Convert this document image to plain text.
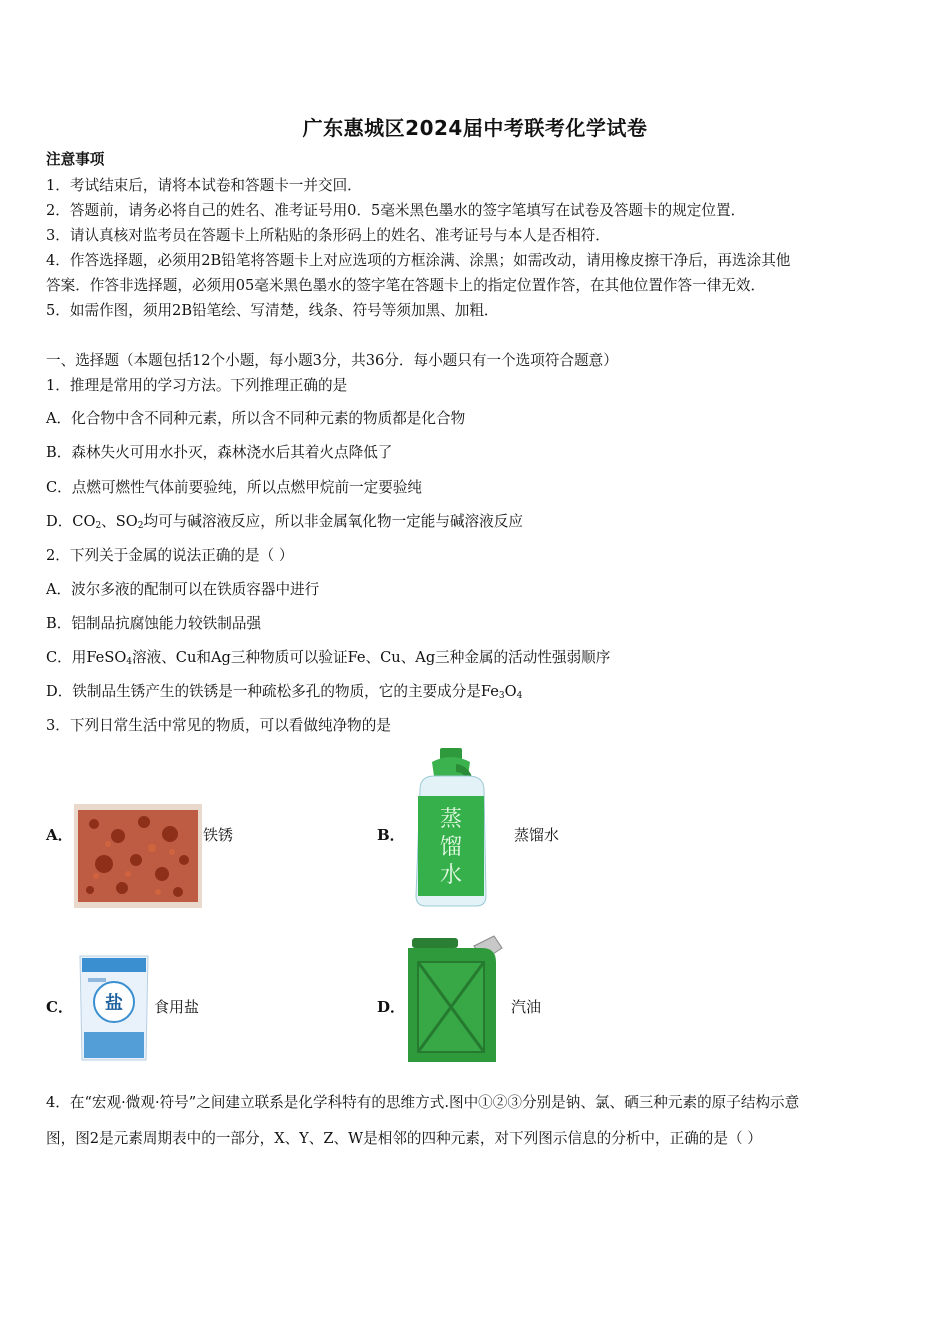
广东惠城区2024届中考联考化学试卷
注意事项
1．考试结束后，请将本试卷和答题卡一并交回．
2．答题前，请务必将自己的姓名、准考证号用0．5毫米黑色墨水的签字笔填写在试卷及答题卡的规定位置．
3．请认真核对监考员在答题卡上所粘贴的条形码上的姓名、准考证号与本人是否相符．
4．作答选择题，必须用2B铅笔将答题卡上对应选项的方框涂满、涂黑；如需改动，请用橡皮擦干净后，再选涂其他
答案．作答非选择题，必须用05毫米黑色墨水的签字笔在答题卡上的指定位置作答，在其他位置作答一律无效．
5．如需作图，须用2B铅笔绘、写清楚，线条、符号等须加黑、加粗．
一、选择题（本题包括12个小题，每小题3分，共36分．每小题只有一个选项符合题意）
1．推理是常用的学习方法。下列推理正确的是
A．化合物中含不同种元素，所以含不同种元素的物质都是化合物
B．森林失火可用水扑灭，森林浇水后其着火点降低了
C．点燃可燃性气体前要验纯，所以点燃甲烷前一定要验纯
D．$CO_2$、$SO_2$均可与碱溶液反应，所以非金属氧化物一定能与碱溶液反应
2．下列关于金属的说法正确的是（ ）
A．波尔多液的配制可以在铁质容器中进行
B．铝制品抗腐蚀能力较铁制品强
C．用FeSO$_4$溶液、Cu和Ag三种物质可以验证Fe、Cu、Ag三种金属的活动性强弱顺序
D．铁制品生锈产生的铁锈是一种疏松多孔的物质，它的主要成分是$Fe_3O_4$
3．下列日常生活中常见的物质，可以看做纯净物的是
A．	铁锈	B．
蒸
馏
水
蒸馏水
C． 盐 食用盐	D．	汽油
4．在“宏观·微观·符号”之间建立联系是化学科特有的思维方式.图中①②③分别是钠、氯、硒三种元素的原子结构示意
图，图2是元素周期表中的一部分，X、Y、Z、W是相邻的四种元素，对下列图示信息的分析中，正确的是（ ）
